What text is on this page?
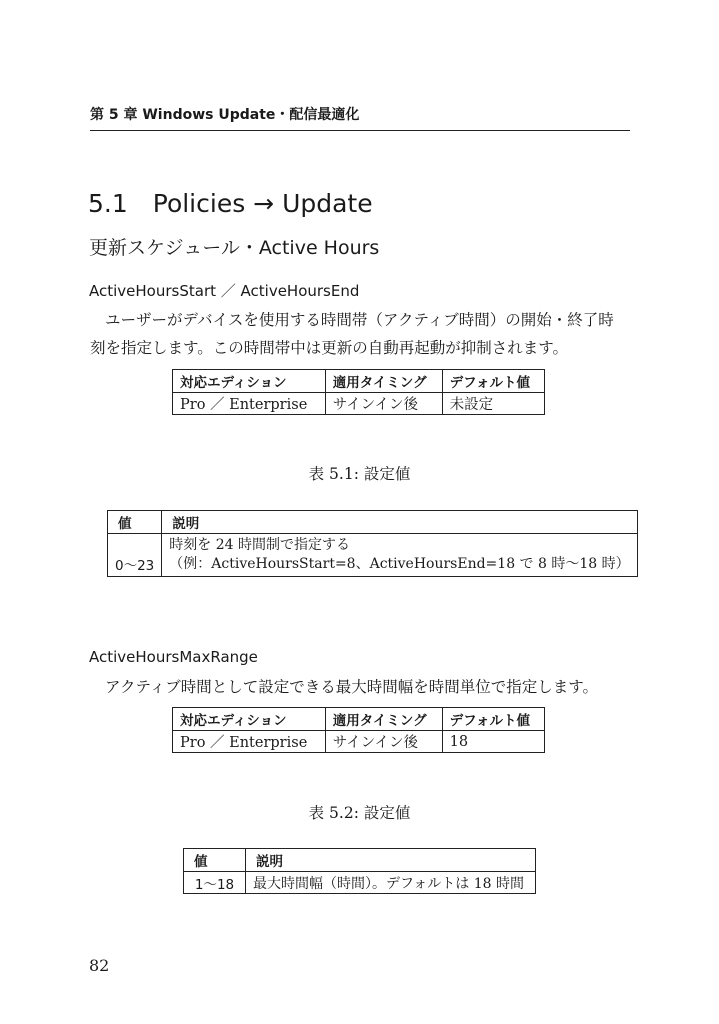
第 5 章 Windows Update・配信最適化
5.1　Policies → Update
更新スケジュール・Active Hours
ActiveHoursStart ／ ActiveHoursEnd
ユーザーがデバイスを使用する時間帯（アクティブ時間）の開始・終了時
刻を指定します。この時間帯中は更新の自動再起動が抑制されます。
対応エディション	適用タイミング	デフォルト値
Pro ／ Enterprise	サインイン後	未設定
表 5.1: 設定値
値	説明
0〜23	時刻を 24 時間制で指定する
（例：ActiveHoursStart=8、ActiveHoursEnd=18 で 8 時〜18 時）
ActiveHoursMaxRange
アクティブ時間として設定できる最大時間幅を時間単位で指定します。
対応エディション	適用タイミング	デフォルト値
Pro ／ Enterprise	サインイン後	18
表 5.2: 設定値
値	説明
1〜18	最大時間幅（時間）。デフォルトは 18 時間
82
